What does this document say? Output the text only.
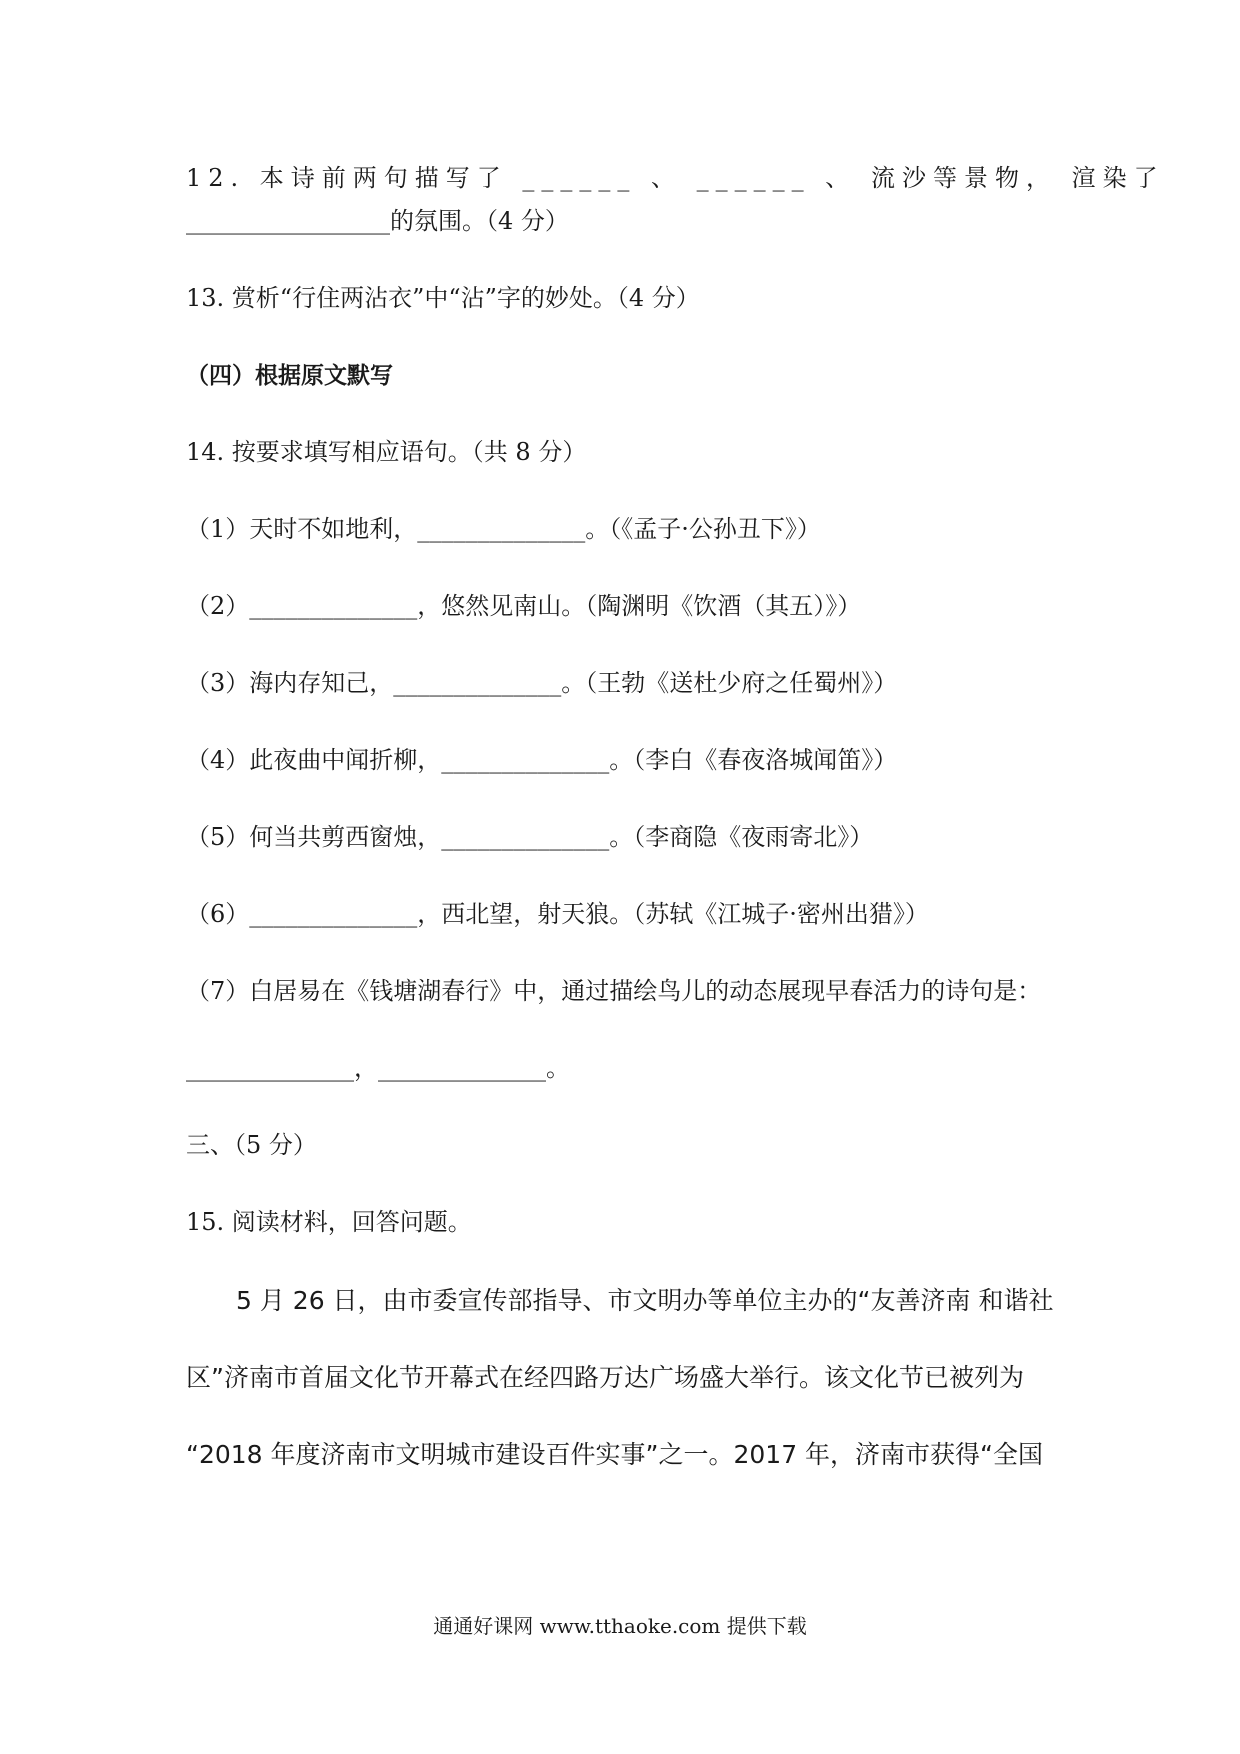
12. 本诗前两句描写了 ______ 、 ______ 、 流沙等景物， 渲染了
_________________的氛围。（4 分）
13. 赏析“行住两沾衣”中“沾”字的妙处。（4 分）
（四）根据原文默写
14. 按要求填写相应语句。（共 8 分）
（1）天时不如地利，______________。（《孟子·公孙丑下》）
（2）______________，悠然见南山。（陶渊明《饮酒（其五）》）
（3）海内存知己，______________。（王勃《送杜少府之任蜀州》）
（4）此夜曲中闻折柳，______________。（李白《春夜洛城闻笛》）
（5）何当共剪西窗烛，______________。（李商隐《夜雨寄北》）
（6）______________，西北望，射天狼。（苏轼《江城子·密州出猎》）
（7）白居易在《钱塘湖春行》中，通过描绘鸟儿的动态展现早春活力的诗句是：
______________，______________。
三、（5 分）
15. 阅读材料，回答问题。
　　5 月 26 日，由市委宣传部指导、市文明办等单位主办的“友善济南 和谐社
区”济南市首届文化节开幕式在经四路万达广场盛大举行。该文化节已被列为
“2018 年度济南市文明城市建设百件实事”之一。2017 年，济南市获得“全国
通通好课网 www.tthaoke.com 提供下载
